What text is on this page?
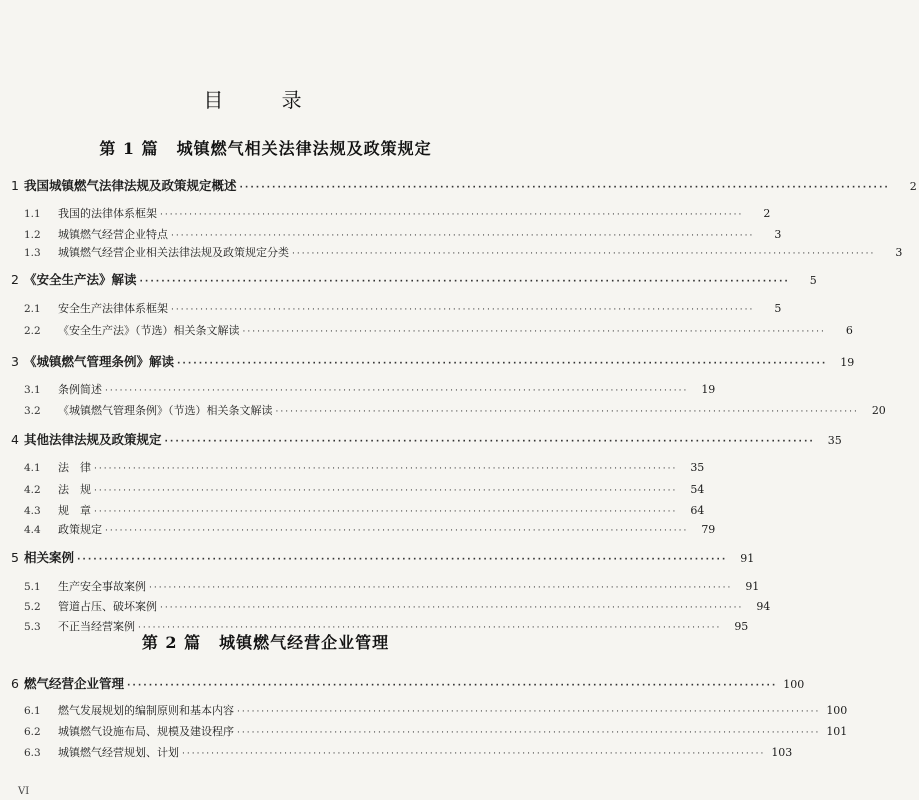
目 录
第 1 篇 城镇燃气相关法律法规及政策规定
第 2 篇 城镇燃气经营企业管理
1 我国城镇燃气法律法规及政策规定概述 ························································································································	2
1.1	我国的法律体系框架 ························································································································	2
1.2	城镇燃气经营企业特点 ························································································································	3
1.3	城镇燃气经营企业相关法律法规及政策规定分类 ························································································································	3
2 《安全生产法》解读 ························································································································	5
2.1	安全生产法律体系框架 ························································································································	5
2.2	《安全生产法》（节选）相关条文解读 ························································································································	6
3 《城镇燃气管理条例》解读 ························································································································	19
3.1	条例简述 ························································································································	19
3.2	《城镇燃气管理条例》（节选）相关条文解读 ························································································································	20
4 其他法律法规及政策规定 ························································································································	35
4.1	法　律 ························································································································	35
4.2	法　规 ························································································································	54
4.3	规　章 ························································································································	64
4.4	政策规定 ························································································································	79
5 相关案例 ························································································································	91
5.1	生产安全事故案例 ························································································································	91
5.2	管道占压、破坏案例 ························································································································	94
5.3	不正当经营案例 ························································································································	95
6 燃气经营企业管理 ························································································································ 100
6.1	燃气发展规划的编制原则和基本内容 ························································································································ 100
6.2	城镇燃气设施布局、规模及建设程序 ························································································································ 101
6.3	城镇燃气经营规划、计划 ························································································································ 103
VI
